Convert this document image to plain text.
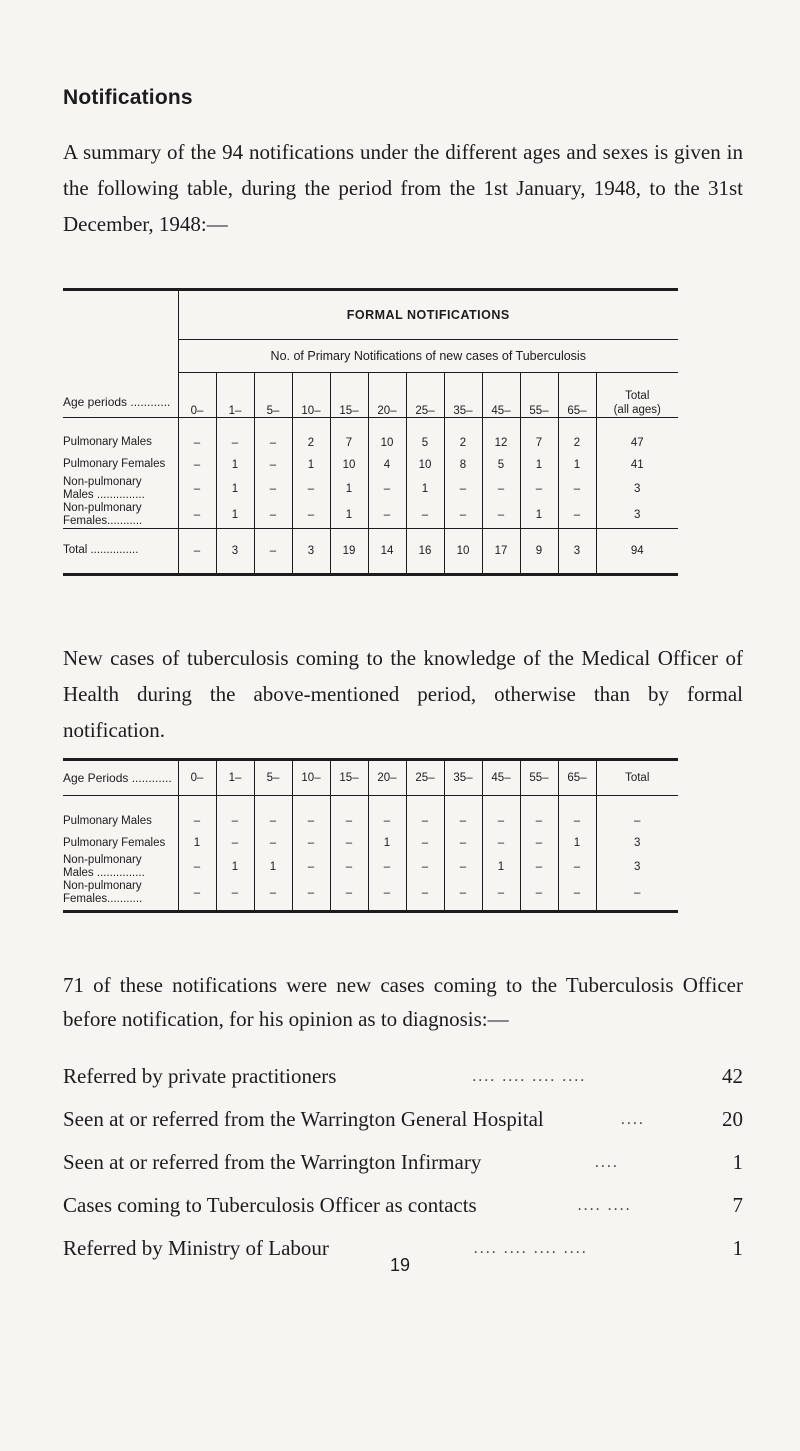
Notifications
A summary of the 94 notifications under the different ages and sexes is given in the following table, during the period from the 1st January, 1948, to the 31st December, 1948:—
	FORMAL NOTIFICATIONS											
	No. of Primary Notifications of new cases of Tuberculosis											
Age periods ............	0–	1–	5–	10–	15–	20–	25–	35–	45–	55–	65–	Total
(all ages)
Pulmonary Males	–	–	–	2	7	10	5	2	12	7	2	47
Pulmonary Females	–	1	–	1	10	4	10	8	5	1	1	41
Non-pulmonary
Males ...............	–	1	–	–	1	–	1	–	–	–	–	3
Non-pulmonary
Females...........	–	1	–	–	1	–	–	–	–	1	–	3
Total ...............	–	3	–	3	19	14	16	10	17	9	3	94
New cases of tuberculosis coming to the knowledge of the Medical Officer of Health during the above-mentioned period, otherwise than by formal notification.
Age Periods ............	0–	1–	5–	10–	15–	20–	25–	35–	45–	55–	65–	Total
Pulmonary Males	–	–	–	–	–	–	–	–	–	–	–	–
Pulmonary Females	1	–	–	–	–	1	–	–	–	–	1	3
Non-pulmonary
Males ...............	–	1	1	–	–	–	–	–	1	–	–	3
Non-pulmonary
Females...........	–	–	–	–	–	–	–	–	–	–	–	–
71 of these notifications were new cases coming to the Tuberculosis Officer before notification, for his opinion as to diagnosis:—
Referred by private practitioners	.... .... .... ....	42
Seen at or referred from the Warrington General Hospital	....	20
Seen at or referred from the Warrington Infirmary	....	1
Cases coming to Tuberculosis Officer as contacts	.... ....	7
Referred by Ministry of Labour	.... .... .... ....	1
19
